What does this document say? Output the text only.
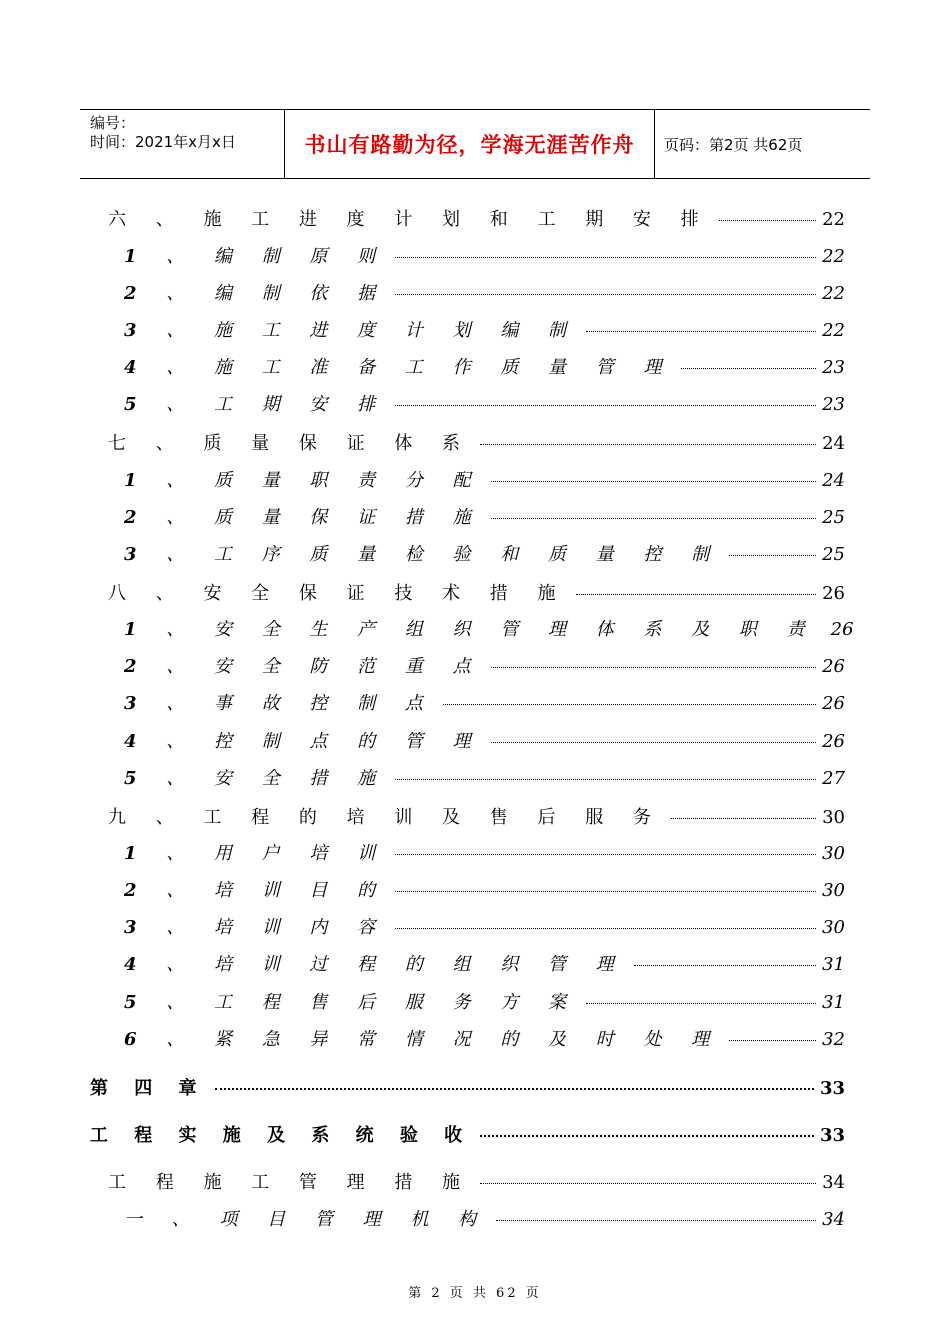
编号：
时间：2021年x月x日	书山有路勤为径，学海无涯苦作舟	页码：第2页 共62页
六 、 施 工 进 度 计 划 和 工 期 安 排	22
1 、 编 制 原 则	22
2 、 编 制 依 据	22
3 、 施 工 进 度 计 划 编 制	22
4 、 施 工 准 备 工 作 质 量 管 理	23
5 、 工 期 安 排	23
七 、 质 量 保 证 体 系	24
1 、 质 量 职 责 分 配	24
2 、 质 量 保 证 措 施	25
3 、 工 序 质 量 检 验 和 质 量 控 制	25
八 、 安 全 保 证 技 术 措 施	26
1 、 安 全 生 产 组 织 管 理 体 系 及 职 责 26
2 、 安 全 防 范 重 点	26
3 、 事 故 控 制 点	26
4 、 控 制 点 的 管 理	26
5 、 安 全 措 施	27
九 、 工 程 的 培 训 及 售 后 服 务	30
1 、 用 户 培 训	30
2 、 培 训 目 的	30
3 、 培 训 内 容	30
4 、 培 训 过 程 的 组 织 管 理	31
5 、 工 程 售 后 服 务 方 案	31
6 、 紧 急 异 常 情 况 的 及 时 处 理	32
第 四 章	33
工 程 实 施 及 系 统 验 收	33
工 程 施 工 管 理 措 施	34
一 、 项 目 管 理 机 构	34
第 2 页 共 62 页
